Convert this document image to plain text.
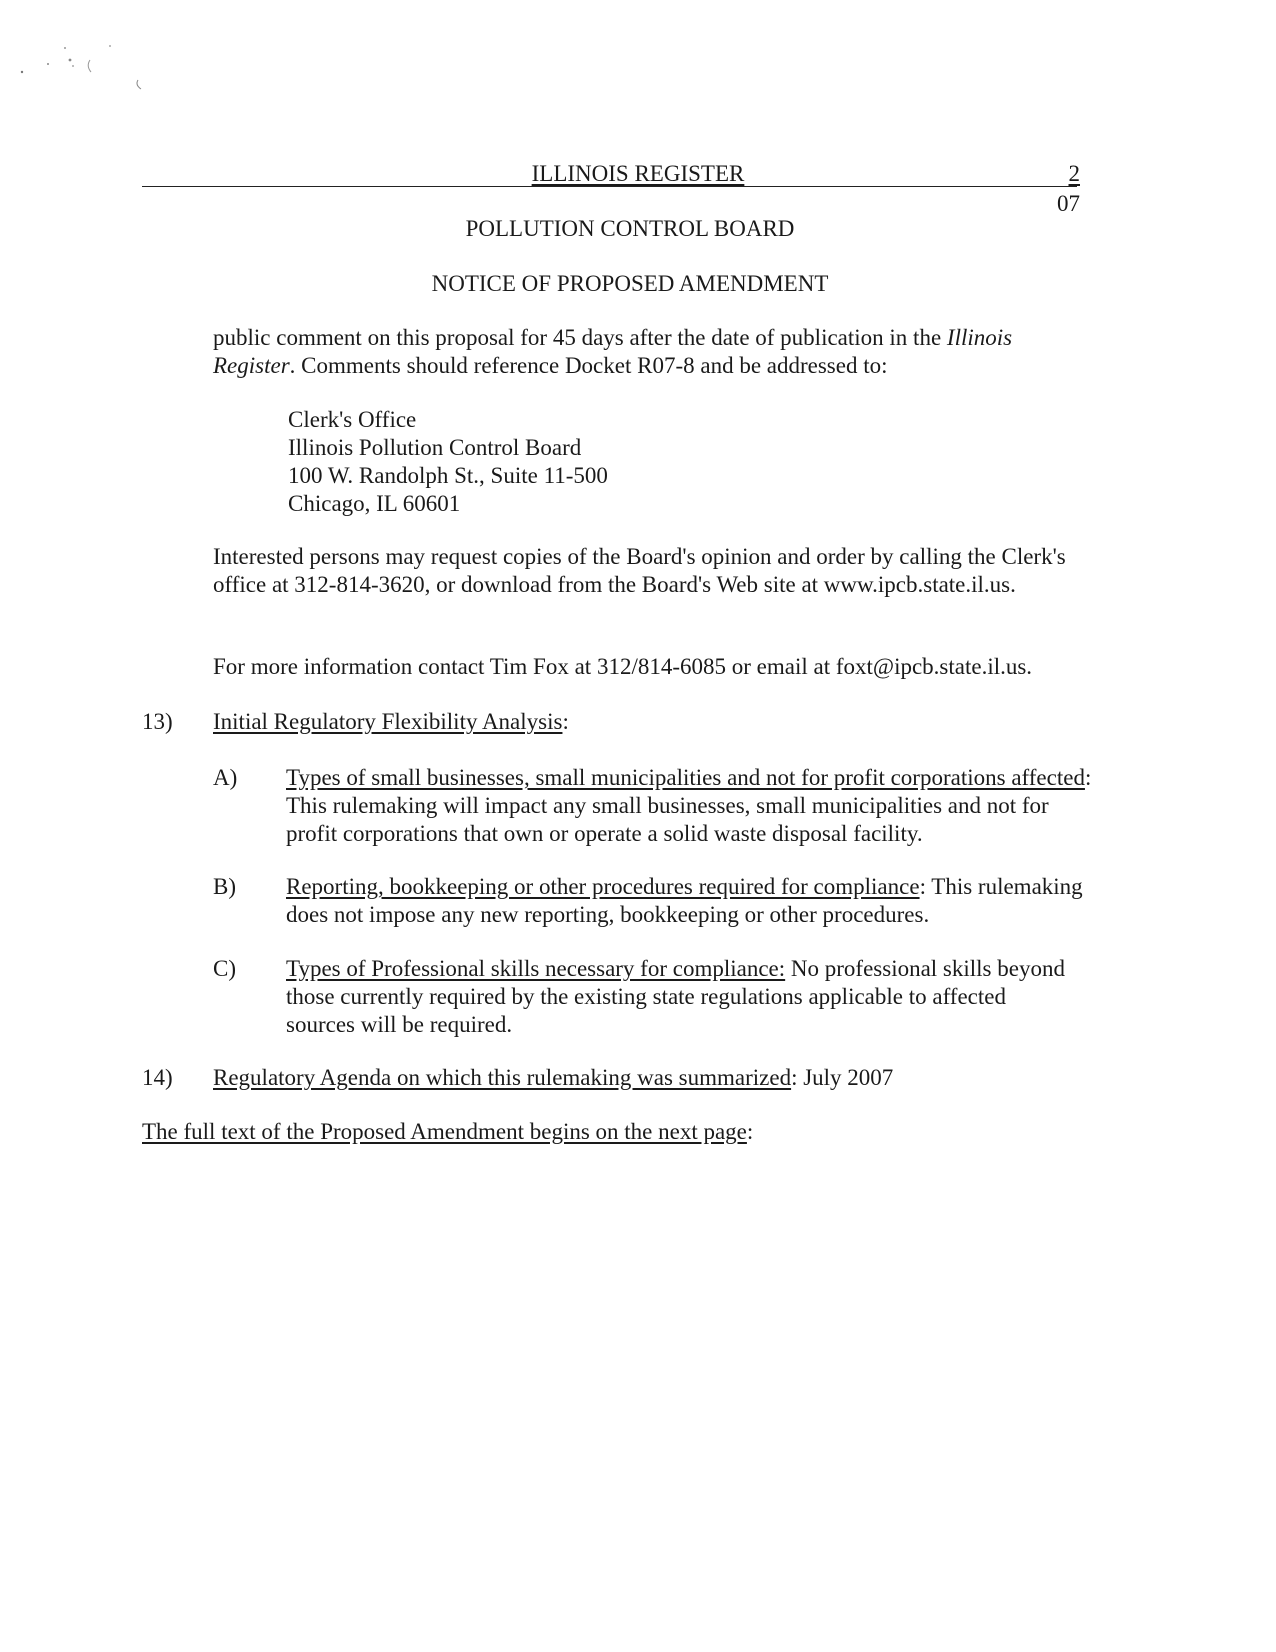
ILLINOIS REGISTER	2
07
POLLUTION CONTROL BOARD
NOTICE OF PROPOSED AMENDMENT

public comment on this proposal for 45 days after the date of publication in the Illinois Register. Comments should reference Docket R07-8 and be addressed to:

Clerk's Office
Illinois Pollution Control Board
100 W. Randolph St., Suite 11-500
Chicago, IL 60601

Interested persons may request copies of the Board's opinion and order by calling the Clerk's office at 312-814-3620, or download from the Board's Web site at www.ipcb.state.il.us.

For more information contact Tim Fox at 312/814-6085 or email at foxt@ipcb.state.il.us.

13) Initial Regulatory Flexibility Analysis:

A) Types of small businesses, small municipalities and not for profit corporations affected: This rulemaking will impact any small businesses, small municipalities and not for profit corporations that own or operate a solid waste disposal facility.

B) Reporting, bookkeeping or other procedures required for compliance: This rulemaking does not impose any new reporting, bookkeeping or other procedures.

C) Types of Professional skills necessary for compliance: No professional skills beyond those currently required by the existing state regulations applicable to affected sources will be required.

14) Regulatory Agenda on which this rulemaking was summarized: July 2007

The full text of the Proposed Amendment begins on the next page:
